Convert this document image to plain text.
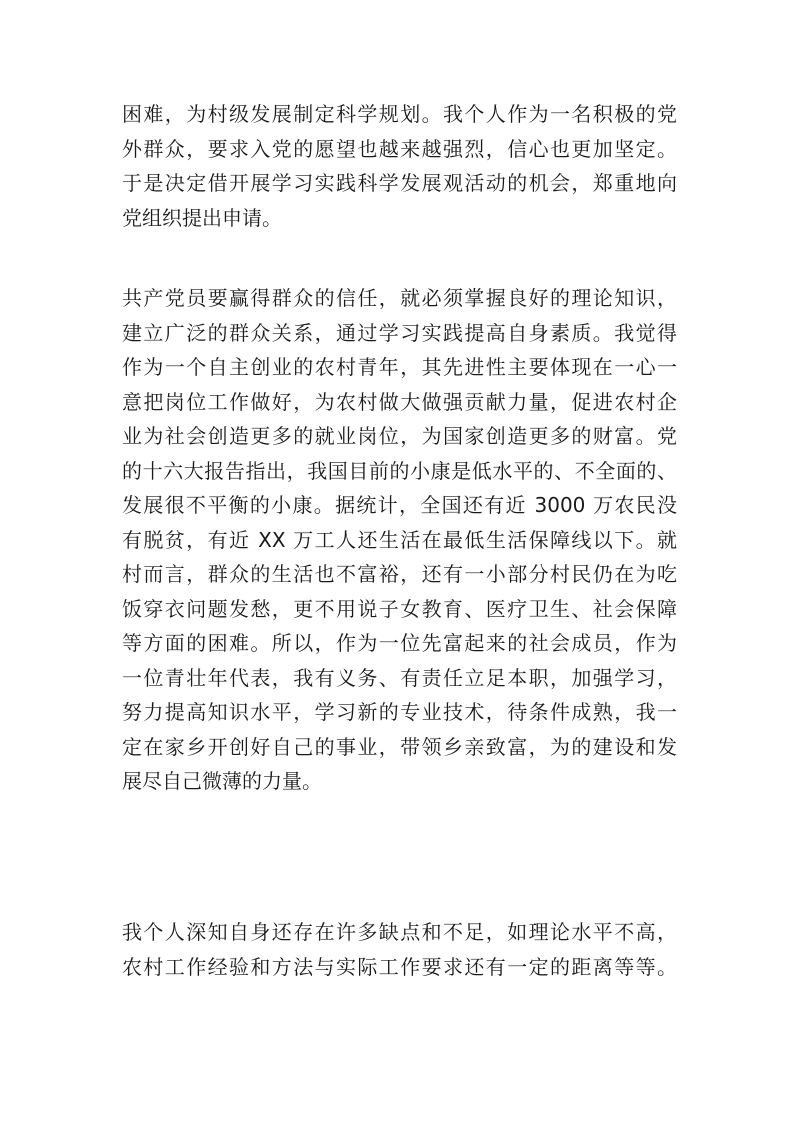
困难，为村级发展制定科学规划。我个人作为一名积极的党
外群众，要求入党的愿望也越来越强烈，信心也更加坚定。
于是决定借开展学习实践科学发展观活动的机会，郑重地向
党组织提出申请。
共产党员要赢得群众的信任，就必须掌握良好的理论知识，
建立广泛的群众关系，通过学习实践提高自身素质。我觉得
作为一个自主创业的农村青年，其先进性主要体现在一心一
意把岗位工作做好，为农村做大做强贡献力量，促进农村企
业为社会创造更多的就业岗位，为国家创造更多的财富。党
的十六大报告指出，我国目前的小康是低水平的、不全面的、
发展很不平衡的小康。据统计，全国还有近 3000 万农民没
有脱贫，有近 XX 万工人还生活在最低生活保障线以下。就
村而言，群众的生活也不富裕，还有一小部分村民仍在为吃
饭穿衣问题发愁，更不用说子女教育、医疗卫生、社会保障
等方面的困难。所以，作为一位先富起来的社会成员，作为
一位青壮年代表，我有义务、有责任立足本职，加强学习，
努力提高知识水平，学习新的专业技术，待条件成熟，我一
定在家乡开创好自己的事业，带领乡亲致富，为的建设和发
展尽自己微薄的力量。
我个人深知自身还存在许多缺点和不足，如理论水平不高，
农村工作经验和方法与实际工作要求还有一定的距离等等。
